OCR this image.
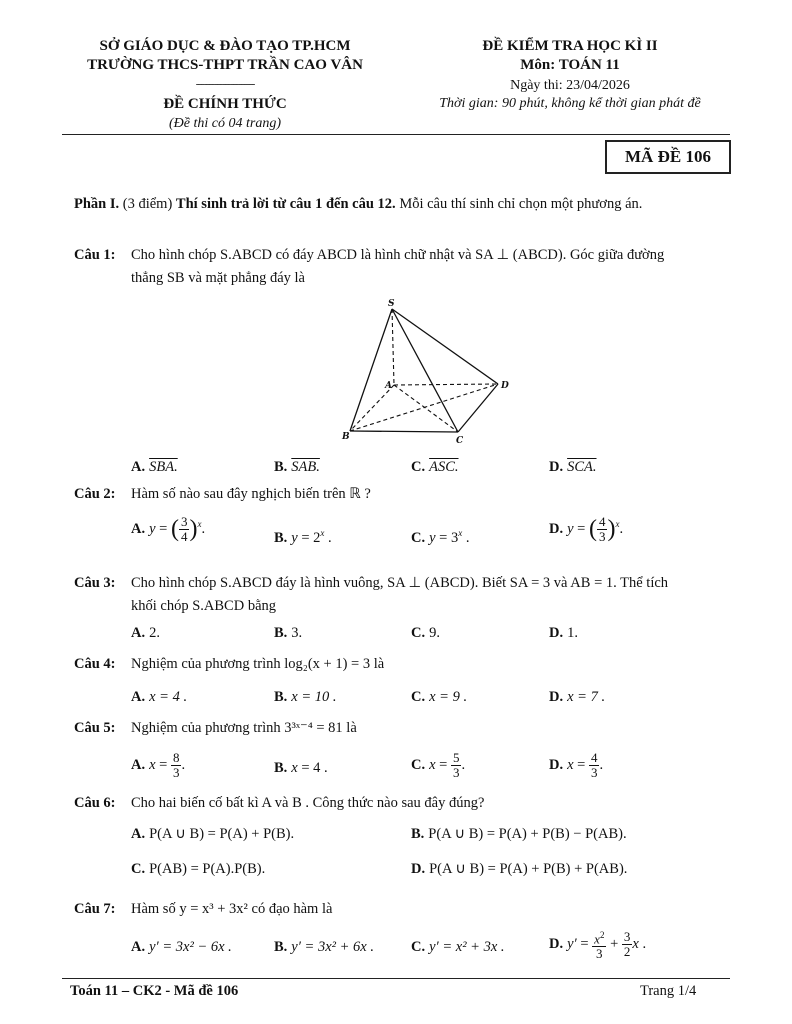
SỞ GIÁO DỤC & ĐÀO TẠO TP.HCM
TRƯỜNG THCS-THPT TRẦN CAO VÂN
----------------------
ĐỀ CHÍNH THỨC
(Đề thi có 04 trang)
ĐỀ KIỂM TRA HỌC KÌ II
Môn: TOÁN 11
Ngày thi: 23/04/2026
Thời gian: 90 phút, không kể thời gian phát đề
MÃ ĐỀ 106
Phần I. (3 điểm) Thí sinh trả lời từ câu 1 đến câu 12. Mỗi câu thí sinh chỉ chọn một phương án.
Câu 1: Cho hình chóp S.ABCD có đáy ABCD là hình chữ nhật và SA ⊥ (ABCD). Góc giữa đường
thẳng SB và mặt phẳng đáy là
S
A	D
B	C
A. SBA.	B. SAB.	C. ASC.	D. SCA.
Câu 2: Hàm số nào sau đây nghịch biến trên ℝ ?
A. y = ( $\frac{3}{4} )^x$.
B. $y = 2^x$ .	C. $y = 3^x$ .
D. y = ( $\frac{4}{3} )^x$.
Câu 3: Cho hình chóp S.ABCD đáy là hình vuông, SA ⊥ (ABCD). Biết SA = 3 và AB = 1. Thể tích
khối chóp S.ABCD bằng
A. 2.	B. 3.	C. 9.	D. 1.
Câu 4: Nghiệm của phương trình log₂(x + 1) = 3 là
A. x = 4 .	B. x = 10 .	C. x = 9 .	D. x = 7 .
Câu 5: Nghiệm của phương trình 3³ˣ⁻⁴ = 81 là
A. $x = \frac{8}{3}$ .	B. x = 4 .	C. $x = \frac{5}{3}$ .	D. $x = \frac{4}{3}$ .
Câu 6: Cho hai biến cố bất kì A và B . Công thức nào sau đây đúng?
A. P(A ∪ B) = P(A) + P(B).	B. P(A ∪ B) = P(A) + P(B) − P(AB).
C. P(AB) = P(A).P(B).	D. P(A ∪ B) = P(A) + P(B) + P(AB).
Câu 7: Hàm số y = x³ + 3x² có đạo hàm là
A. y′ = 3x² − 6x .	B. y′ = 3x² + 6x .	C. y′ = x² + 3x .	D. $y' = \frac{x^2}{3} + \frac{3}{2}$ x .
Toán 11 – CK2 - Mã đề 106	Trang 1/4
